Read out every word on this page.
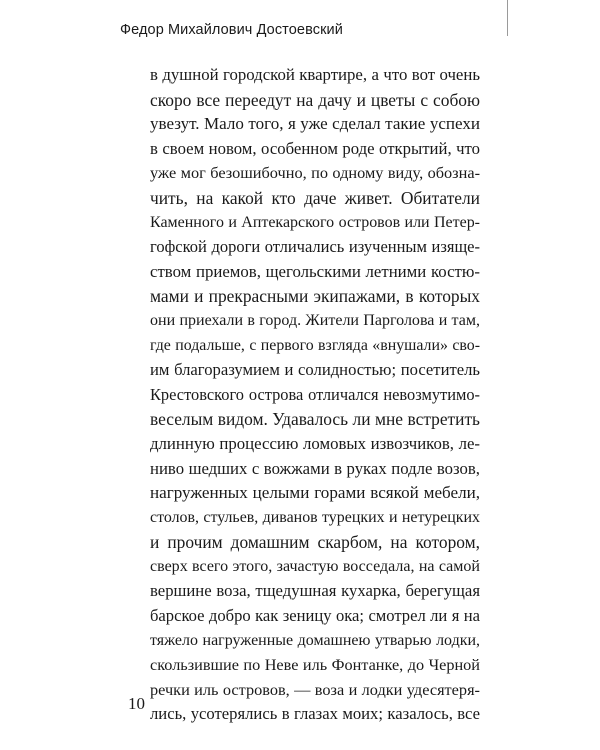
Федор Михайлович Достоевский
в душной городской квартире, а что вот очень
скоро все переедут на дачу и цветы с собою
увезут. Мало того, я уже сделал такие успехи
в своем новом, особенном роде открытий, что
уже мог безошибочно, по одному виду, обозна-
чить, на какой кто даче живет. Обитатели
Каменного и Аптекарского островов или Петер-
гофской дороги отличались изученным изяще-
ством приемов, щегольскими летними костю-
мами и прекрасными экипажами, в которых
они приехали в город. Жители Парголова и там,
где подальше, с первого взгляда «внушали» сво-
им благоразумием и солидностью; посетитель
Крестовского острова отличался невозмутимо-
веселым видом. Удавалось ли мне встретить
длинную процессию ломовых извозчиков, ле-
ниво шедших с вожжами в руках подле возов,
нагруженных целыми горами всякой мебели,
столов, стульев, диванов турецких и нетурецких
и прочим домашним скарбом, на котором,
сверх всего этого, зачастую восседала, на самой
вершине воза, тщедушная кухарка, берегущая
барское добро как зеницу ока; смотрел ли я на
тяжело нагруженные домашнею утварью лодки,
скользившие по Неве иль Фонтанке, до Черной
речки иль островов, — воза и лодки удесятеря-
лись, усотерялись в глазах моих; казалось, все
10
